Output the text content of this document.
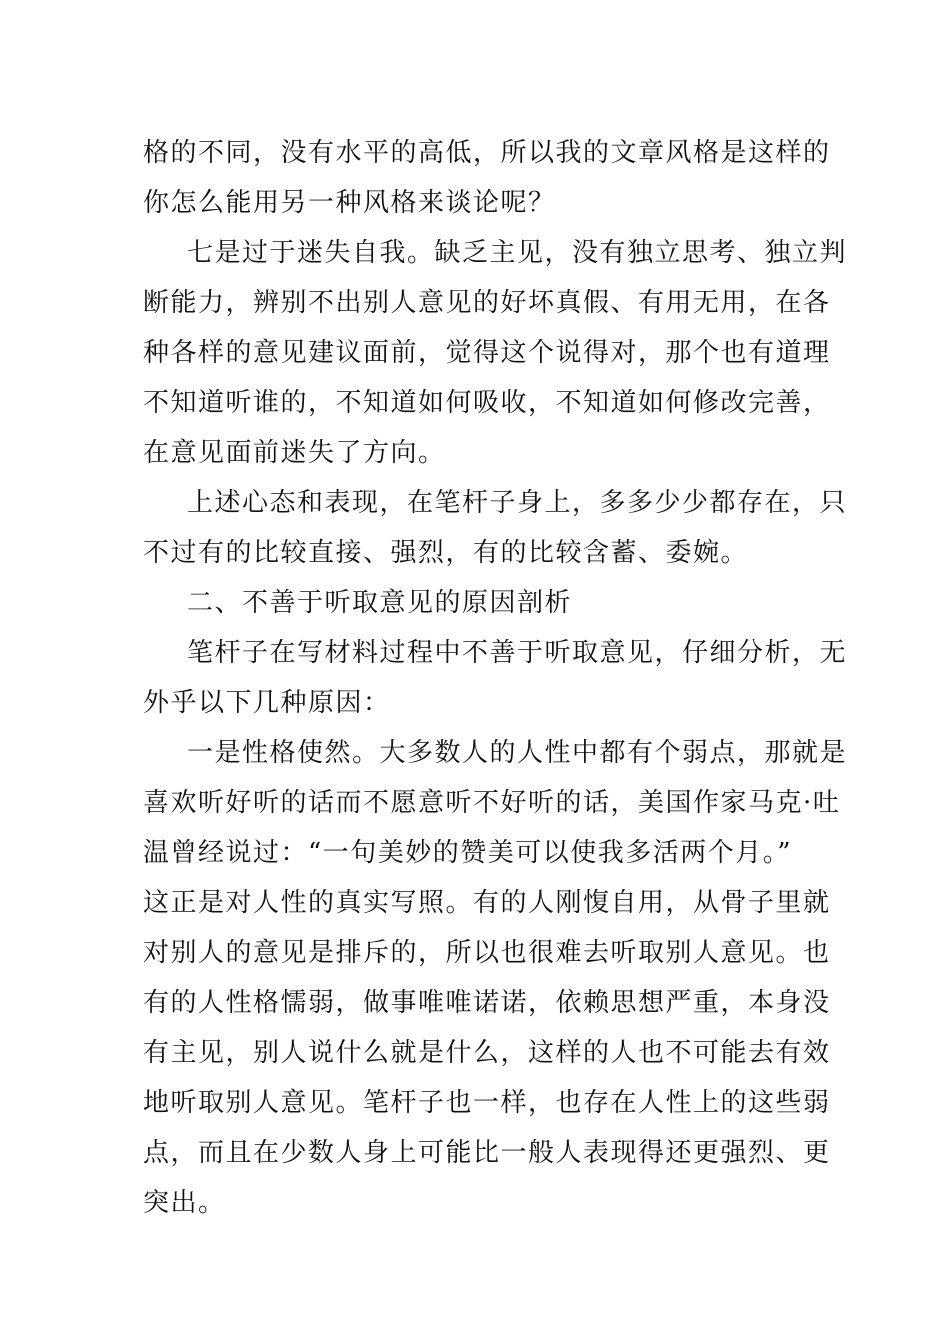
格的不同，没有水平的高低，所以我的文章风格是这样的
你怎么能用另一种风格来谈论呢？
七是过于迷失自我。缺乏主见，没有独立思考、独立判
断能力，辨别不出别人意见的好坏真假、有用无用，在各
种各样的意见建议面前，觉得这个说得对，那个也有道理
不知道听谁的，不知道如何吸收，不知道如何修改完善，
在意见面前迷失了方向。
上述心态和表现，在笔杆子身上，多多少少都存在，只
不过有的比较直接、强烈，有的比较含蓄、委婉。
二、不善于听取意见的原因剖析
笔杆子在写材料过程中不善于听取意见，仔细分析，无
外乎以下几种原因：
一是性格使然。大多数人的人性中都有个弱点，那就是
喜欢听好听的话而不愿意听不好听的话，美国作家马克·吐
温曾经说过：“一句美妙的赞美可以使我多活两个月。”
这正是对人性的真实写照。有的人刚愎自用，从骨子里就
对别人的意见是排斥的，所以也很难去听取别人意见。也
有的人性格懦弱，做事唯唯诺诺，依赖思想严重，本身没
有主见，别人说什么就是什么，这样的人也不可能去有效
地听取别人意见。笔杆子也一样，也存在人性上的这些弱
点，而且在少数人身上可能比一般人表现得还更强烈、更
突出。
